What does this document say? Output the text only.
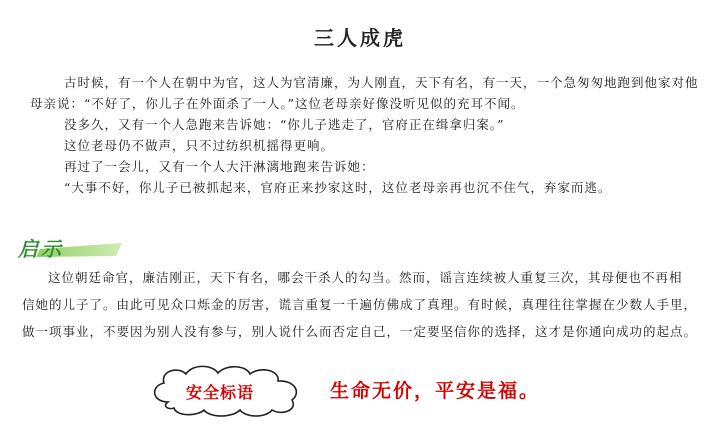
三人成虎
古时候，有一个人在朝中为官，这人为官清廉，为人刚直，天下有名，有一天，一个急匆匆地跑到他家对他
母亲说：“不好了，你儿子在外面杀了一人。”这位老母亲好像没听见似的充耳不闻。
没多久，又有一个人急跑来告诉她：“你儿子逃走了，官府正在缉拿归案。”
这位老母仍不做声，只不过纺织机摇得更响。
再过了一会儿，又有一个人大汗淋漓地跑来告诉她：
“大事不好，你儿子已被抓起来，官府正来抄家这时，这位老母亲再也沉不住气，弃家而逃。
启示
这位朝廷命官，廉洁刚正，天下有名，哪会干杀人的勾当。然而，谣言连续被人重复三次，其母便也不再相
信她的儿子了。由此可见众口烁金的厉害，谎言重复一千遍仿佛成了真理。有时候，真理往往掌握在少数人手里，
做一项事业，不要因为别人没有参与，别人说什么而否定自己，一定要坚信你的选择，这才是你通向成功的起点。
安全标语	生命无价，平安是福。
